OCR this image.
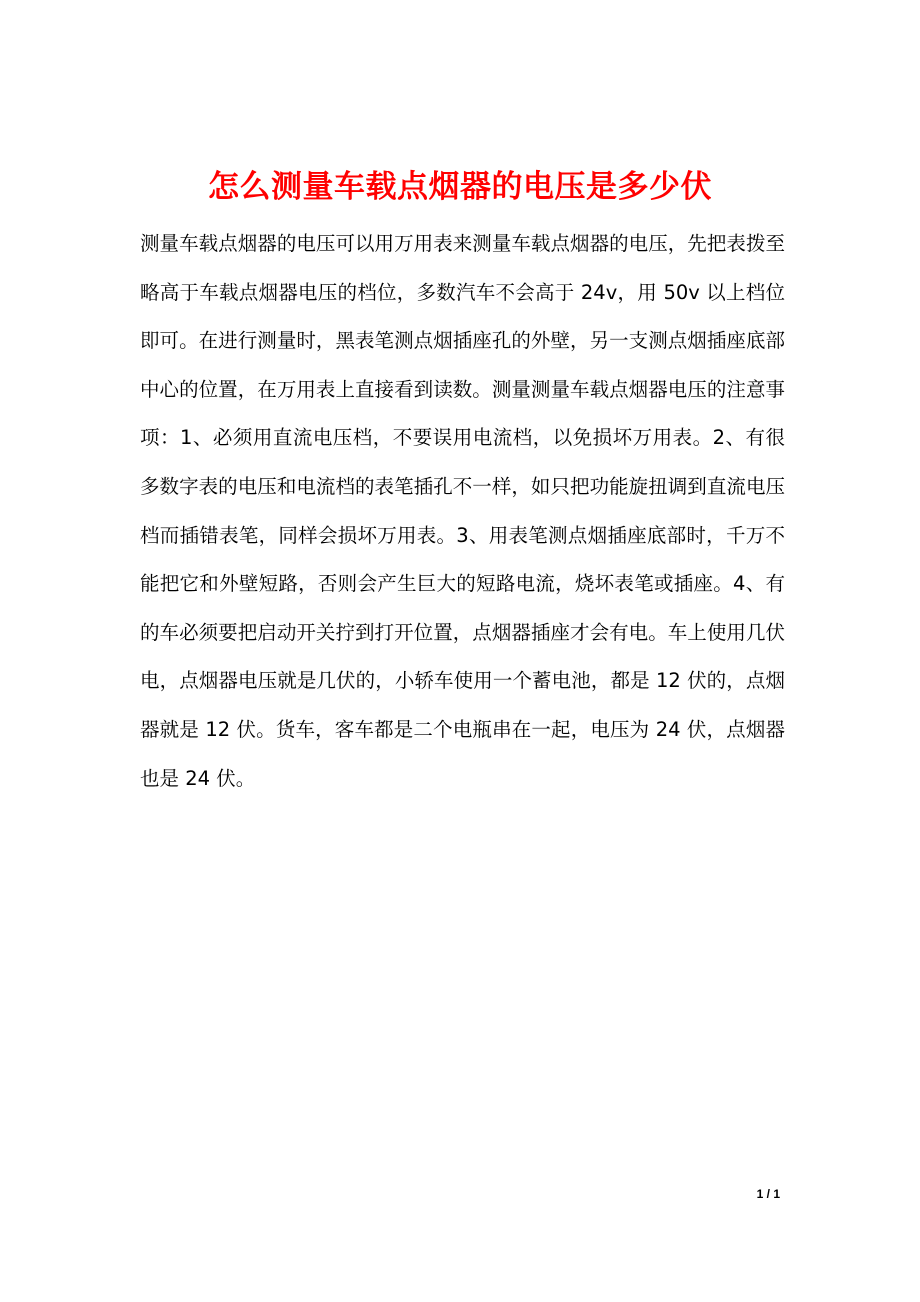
怎么测量车载点烟器的电压是多少伏

测量车载点烟器的电压可以用万用表来测量车载点烟器的电压，先把表拨至略高于车载点烟器电压的档位，多数汽车不会高于 24v，用 50v 以上档位即可。在进行测量时，黑表笔测点烟插座孔的外壁，另一支测点烟插座底部中心的位置，在万用表上直接看到读数。测量测量车载点烟器电压的注意事项：1、必须用直流电压档，不要误用电流档，以免损坏万用表。2、有很多数字表的电压和电流档的表笔插孔不一样，如只把功能旋扭调到直流电压档而插错表笔，同样会损坏万用表。3、用表笔测点烟插座底部时，千万不能把它和外壁短路，否则会产生巨大的短路电流，烧坏表笔或插座。4、有的车必须要把启动开关拧到打开位置，点烟器插座才会有电。车上使用几伏电，点烟器电压就是几伏的，小轿车使用一个蓄电池，都是 12 伏的，点烟器就是 12 伏。货车，客车都是二个电瓶串在一起，电压为 24 伏，点烟器也是 24 伏。

1 / 1
